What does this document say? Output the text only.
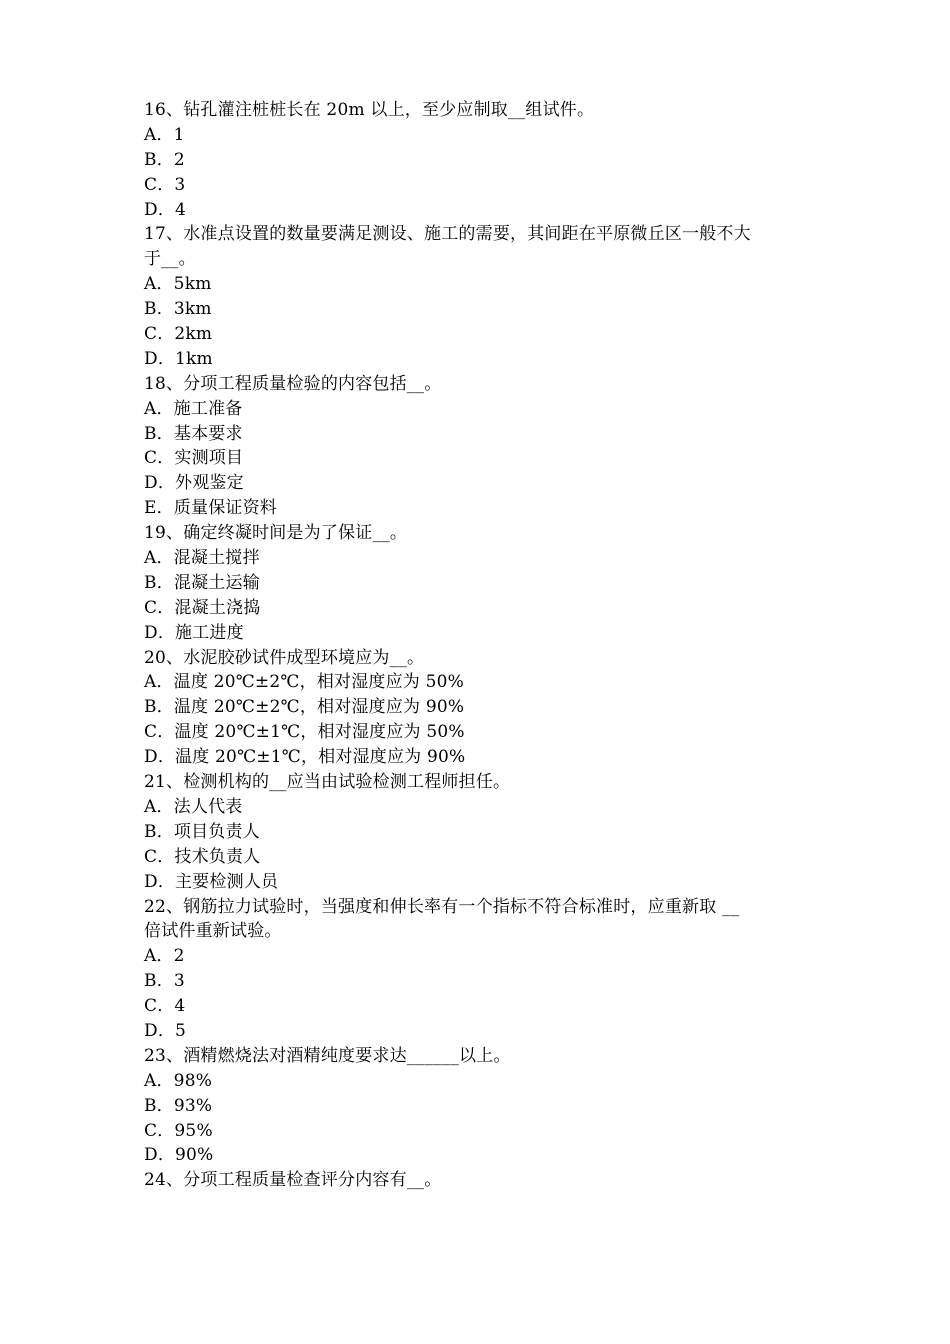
16、钻孔灌注桩桩长在 20m 以上，至少应制取__组试件。
A．1
B．2
C．3
D．4
17、水准点设置的数量要满足测设、施工的需要，其间距在平原微丘区一般不大
于__。
A．5km
B．3km
C．2km
D．1km
18、分项工程质量检验的内容包括__。
A．施工准备
B．基本要求
C．实测项目
D．外观鉴定
E．质量保证资料
19、确定终凝时间是为了保证__。
A．混凝土搅拌
B．混凝土运输
C．混凝土浇捣
D．施工进度
20、水泥胶砂试件成型环境应为__。
A．温度 20℃±2℃，相对湿度应为 50%
B．温度 20℃±2℃，相对湿度应为 90%
C．温度 20℃±1℃，相对湿度应为 50%
D．温度 20℃±1℃，相对湿度应为 90%
21、检测机构的__应当由试验检测工程师担任。
A．法人代表
B．项目负责人
C．技术负责人
D．主要检测人员
22、钢筋拉力试验时，当强度和伸长率有一个指标不符合标准时，应重新取 __
倍试件重新试验。
A．2
B．3
C．4
D．5
23、酒精燃烧法对酒精纯度要求达______以上。
A．98%
B．93%
C．95%
D．90%
24、分项工程质量检查评分内容有__。
